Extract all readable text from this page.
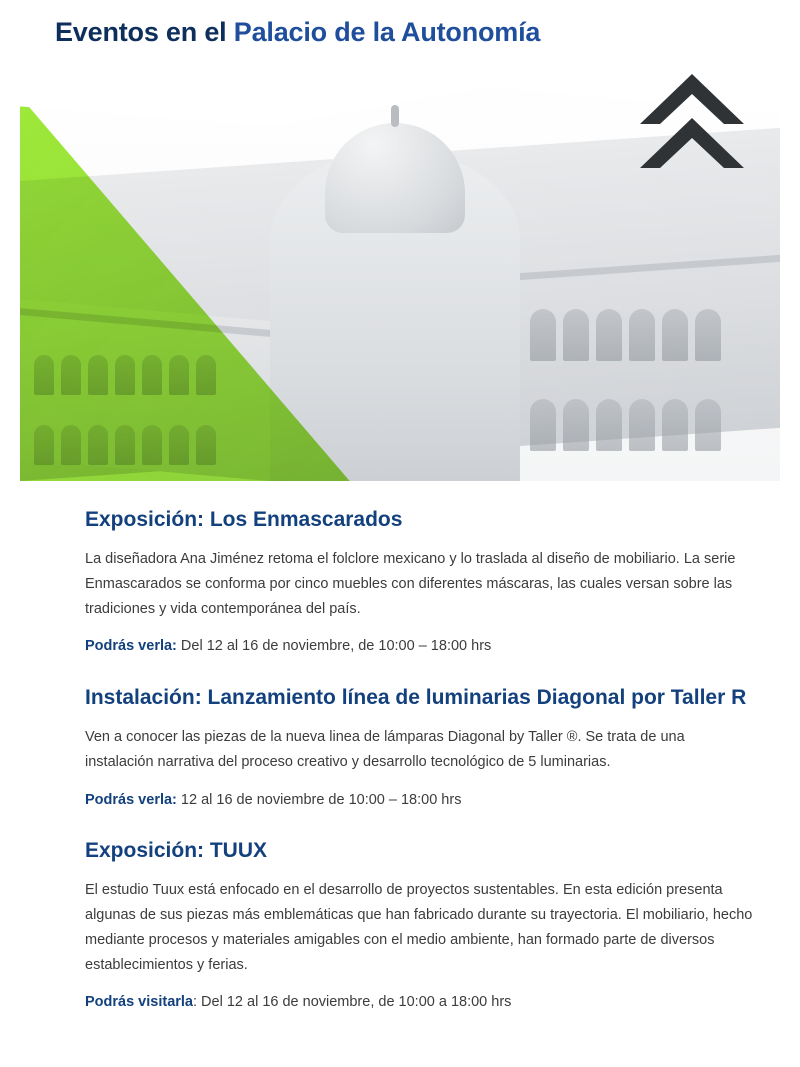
Eventos en el Palacio de la Autonomía
Exposición: Los Enmascarados

La diseñadora Ana Jiménez retoma el folclore mexicano y lo traslada al diseño de mobiliario. La serie Enmascarados se conforma por cinco muebles con diferentes máscaras, las cuales versan sobre las tradiciones y vida contemporánea del país.

Podrás verla: Del 12 al 16 de noviembre, de 10:00 – 18:00 hrs

Instalación: Lanzamiento línea de luminarias Diagonal por Taller R

Ven a conocer las piezas de la nueva linea de lámparas Diagonal by Taller ®. Se trata de una instalación narrativa del proceso creativo y desarrollo tecnológico de 5 luminarias.

Podrás verla: 12 al 16 de noviembre de 10:00 – 18:00 hrs

Exposición: TUUX

El estudio Tuux está enfocado en el desarrollo de proyectos sustentables. En esta edición presenta algunas de sus piezas más emblemáticas que han fabricado durante su trayectoria. El mobiliario, hecho mediante procesos y materiales amigables con el medio ambiente, han formado parte de diversos establecimientos y ferias.

Podrás visitarla: Del 12 al 16 de noviembre, de 10:00 a 18:00 hrs
